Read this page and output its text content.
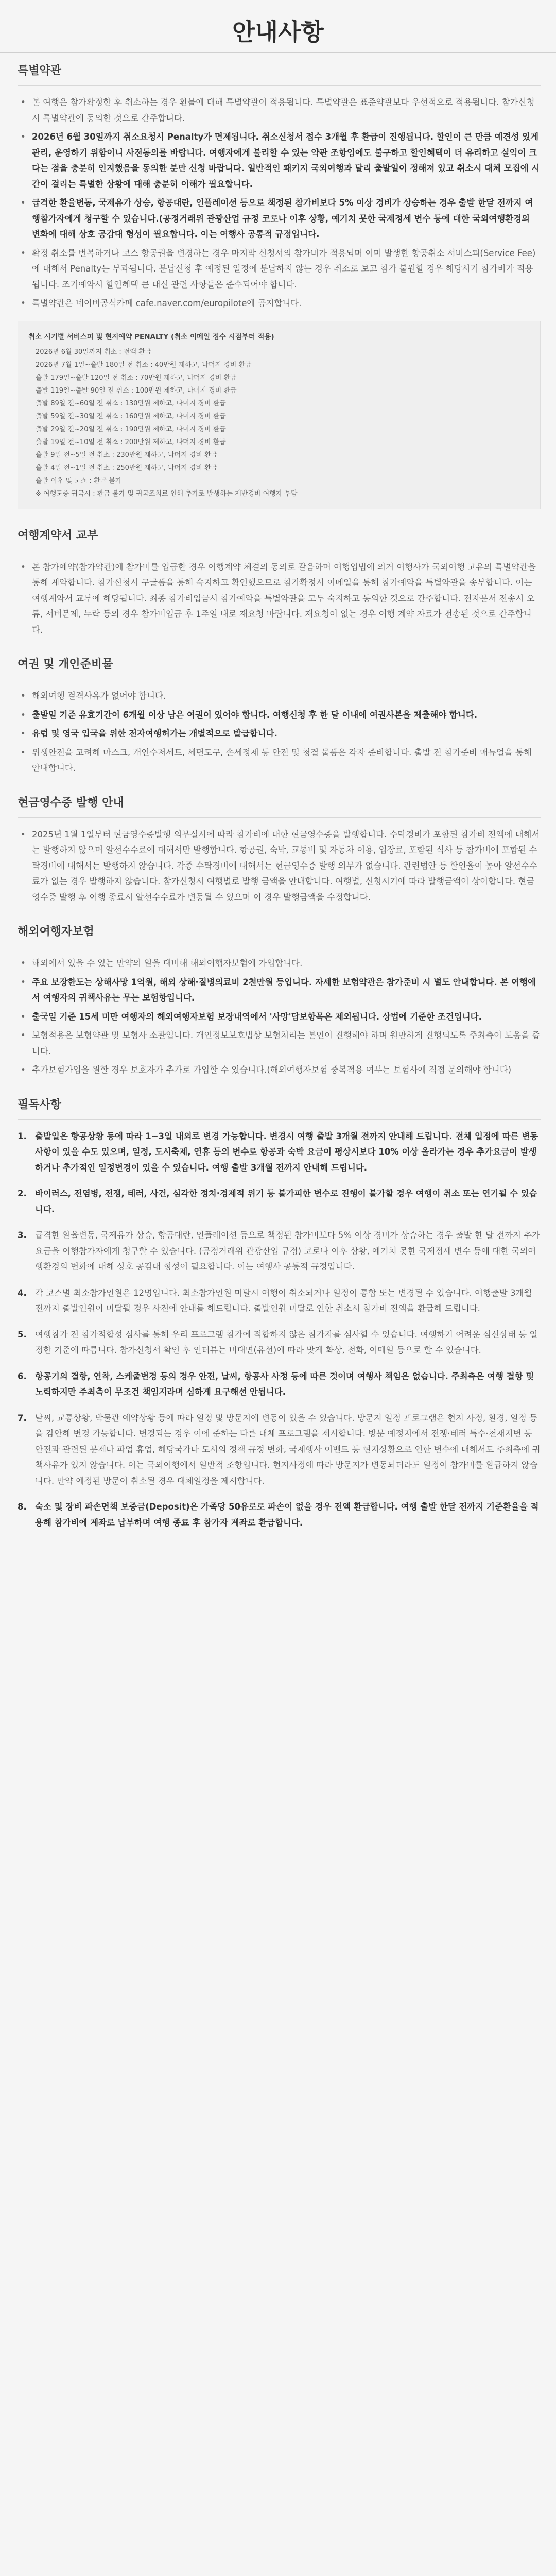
안내사항
특별약관
• 본 여행은 참가확정한 후 취소하는 경우 환불에 대해 특별약관이 적용됩니다. 특별약관은 표준약관보다 우선적으로 적용됩니다. 참가신청시 특별약관에 동의한 것으로 간주합니다.
• 2026년 6월 30일까지 취소요청시 Penalty가 면제됩니다. 취소신청서 접수 3개월 후 환급이 진행됩니다. 할인이 큰 만큼 예견성 있게 관리, 운영하기 위함이니 사전동의를 바랍니다. 여행자에게 불리할 수 있는 약관 조항임에도 불구하고 할인혜택이 더 유리하고 실익이 크다는 점을 충분히 인지했음을 동의한 분만 신청 바랍니다. 일반적인 패키지 국외여행과 달리 출발일이 정해져 있고 취소시 대체 모집에 시간이 걸리는 특별한 상황에 대해 충분히 이해가 필요합니다.
• 급격한 환율변동, 국제유가 상승, 항공대란, 인플레이션 등으로 책정된 참가비보다 5% 이상 경비가 상승하는 경우 출발 한달 전까지 여행참가자에게 청구할 수 있습니다.(공정거래위 관광산업 규정 코로나 이후 상황, 예기치 못한 국제정세 변수 등에 대한 국외여행환경의 변화에 대해 상호 공감대 형성이 필요합니다. 이는 여행사 공통적 규정입니다.
• 확정 취소를 번복하거나 코스 항공권을 변경하는 경우 마지막 신청서의 참가비가 적용되며 이미 발생한 항공취소 서비스피(Service Fee)에 대해서 Penalty는 부과됩니다. 분납신청 후 예정된 일정에 분납하지 않는 경우 취소로 보고 참가 불원할 경우 해당시기 참가비가 적용됩니다. 조기예약시 할인혜택 큰 대신 관련 사항들은 준수되어야 합니다.
• 특별약관은 네이버공식카페 cafe.naver.com/europilote에 공지합니다.
취소 시기별 서비스피 및 현지예약 PENALTY (취소 이메일 접수 시점부터 적용)
2026년 6월 30일까지 취소 : 전액 환급
2026년 7월 1일~출발 180일 전 취소 : 40만원 제하고, 나머지 경비 환급
출발 179일~출발 120일 전 취소 : 70만원 제하고, 나머지 경비 환급
출발 119일~출발 90일 전 취소 : 100만원 제하고, 나머지 경비 환급
출발 89일 전~60일 전 취소 : 130만원 제하고, 나머지 경비 환급
출발 59일 전~30일 전 취소 : 160만원 제하고, 나머지 경비 환급
출발 29일 전~20일 전 취소 : 190만원 제하고, 나머지 경비 환급
출발 19일 전~10일 전 취소 : 200만원 제하고, 나머지 경비 환급
출발 9일 전~5일 전 취소 : 230만원 제하고, 나머지 경비 환급
출발 4일 전~1일 전 취소 : 250만원 제하고, 나머지 경비 환급
출발 이후 및 노쇼 : 환급 불가
※ 여행도중 귀국시 : 환급 불가 및 귀국조치로 인해 추가로 발생하는 제반경비 여행자 부담
여행계약서 교부
• 본 참가예약(참가약관)에 참가비를 입금한 경우 여행계약 체결의 동의로 갈음하며 여행업법에 의거 여행사가 국외여행 고유의 특별약관을 통해 계약합니다. 참가신청시 구글폼을 통해 숙지하고 확인했으므로 참가확정시 이메일을 통해 참가예약을 특별약관을 송부합니다. 이는 여행계약서 교부에 해당됩니다. 최종 참가비입금시 참가예약을 특별약관을 모두 숙지하고 동의한 것으로 간주합니다. 전자문서 전송시 오류, 서버문제, 누락 등의 경우 참가비입금 후 1주일 내로 재요청 바랍니다. 재요청이 없는 경우 여행 계약 자료가 전송된 것으로 간주합니다.
여권 및 개인준비물
• 해외여행 결격사유가 없어야 합니다.
• 출발일 기준 유효기간이 6개월 이상 남은 여권이 있어야 합니다. 여행신청 후 한 달 이내에 여권사본을 제출해야 합니다.
• 유럽 및 영국 입국을 위한 전자여행허가는 개별적으로 발급합니다.
• 위생안전을 고려해 마스크, 개인수저세트, 세면도구, 손세정제 등 안전 및 청결 물품은 각자 준비합니다. 출발 전 참가준비 매뉴얼을 통해 안내합니다.
현금영수증 발행 안내
• 2025년 1월 1일부터 현금영수증발행 의무실시에 따라 참가비에 대한 현금영수증을 발행합니다. 수탁경비가 포함된 참가비 전액에 대해서는 발행하지 않으며 알선수수료에 대해서만 발행합니다. 항공권, 숙박, 교통비 및 자동차 이용, 입장료, 포함된 식사 등 참가비에 포함된 수탁경비에 대해서는 발행하지 않습니다. 각종 수탁경비에 대해서는 현금영수증 발행 의무가 없습니다. 관련법안 등 할인율이 높아 알선수수료가 없는 경우 발행하지 않습니다. 참가신청시 여행별로 발행 금액을 안내합니다. 여행별, 신청시기에 따라 발행금액이 상이합니다. 현금영수증 발행 후 여행 종료시 알선수수료가 변동될 수 있으며 이 경우 발행금액을 수정합니다.
해외여행자보험
• 해외에서 있을 수 있는 만약의 일을 대비해 해외여행자보험에 가입합니다.
• 주요 보장한도는 상해사망 1억원, 해외 상해·질병의료비 2천만원 등입니다. 자세한 보험약관은 참가준비 시 별도 안내합니다. 본 여행에서 여행자의 귀책사유는 무는 보험항입니다.
• 출국일 기준 15세 미만 여행자의 해외여행자보험 보장내역에서 '사망'담보항목은 제외됩니다. 상법에 기준한 조건입니다.
• 보험적용은 보험약관 및 보험사 소관입니다. 개인정보보호법상 보험처리는 본인이 진행해야 하며 원만하게 진행되도록 주최측이 도움을 줍니다.
• 추가보험가입을 원할 경우 보호자가 추가로 가입할 수 있습니다.(해외여행자보험 중복적용 여부는 보험사에 직접 문의해야 합니다)
필독사항
1. 출발일은 항공상황 등에 따라 1~3일 내외로 변경 가능합니다. 변경시 여행 출발 3개월 전까지 안내해 드립니다. 전체 일정에 따른 변동사항이 있을 수도 있으며, 일정, 도시축제, 연휴 등의 변수로 항공과 숙박 요금이 평상시보다 10% 이상 올라가는 경우 추가요금이 발생하거나 추가적인 일정변경이 있을 수 있습니다. 여행 출발 3개월 전까지 안내해 드립니다.
2. 바이러스, 전염병, 전쟁, 테러, 사건, 심각한 정치·경제적 위기 등 불가피한 변수로 진행이 불가할 경우 여행이 취소 또는 연기될 수 있습니다.
3. 급격한 환율변동, 국제유가 상승, 항공대란, 인플레이션 등으로 책정된 참가비보다 5% 이상 경비가 상승하는 경우 출발 한 달 전까지 추가요금을 여행참가자에게 청구할 수 있습니다. (공정거래위 관광산업 규정) 코로나 이후 상황, 예기치 못한 국제정세 변수 등에 대한 국외여행환경의 변화에 대해 상호 공감대 형성이 필요합니다. 이는 여행사 공통적 규정입니다.
4. 각 코스별 최소참가인원은 12명입니다. 최소참가인원 미달시 여행이 취소되거나 일정이 통합 또는 변경될 수 있습니다. 여행출발 3개월 전까지 출발인원이 미달될 경우 사전에 안내를 해드립니다. 출발인원 미달로 인한 취소시 참가비 전액을 환급해 드립니다.
5. 여행참가 전 참가적합성 심사를 통해 우리 프로그램 참가에 적합하지 않은 참가자를 심사할 수 있습니다. 여행하기 어려운 심신상태 등 일정한 기준에 따릅니다. 참가신청서 확인 후 인터뷰는 비대면(유선)에 따라 맞게 화상, 전화, 이메일 등으로 할 수 있습니다.
6. 항공기의 결항, 연착, 스케줄변경 등의 경우 안전, 날씨, 항공사 사정 등에 따른 것이며 여행사 책임은 없습니다. 주최측은 여행 결항 및 노력하지만 주최측이 무조건 책임지라며 심하게 요구해선 안됩니다.
7. 날씨, 교통상황, 박물관 예약상황 등에 따라 일정 및 방문지에 변동이 있을 수 있습니다. 방문지 일정 프로그램은 현지 사정, 환경, 일정 등을 감안해 변경 가능합니다. 변경되는 경우 이에 준하는 다른 대체 프로그램을 제시합니다. 방문 예정지에서 전쟁·테러 특수·천재지변 등 안전과 관련된 문제나 파업 휴업, 해당국가나 도시의 정책 규정 변화, 국제행사 이벤트 등 현지상황으로 인한 변수에 대해서도 주최측에 귀책사유가 있지 않습니다. 이는 국외여행에서 일반적 조항입니다. 현지사정에 따라 방문지가 변동되더라도 일정이 참가비를 환급하지 않습니다. 만약 예정된 방문이 취소될 경우 대체일정을 제시합니다.
8. 숙소 및 장비 파손면책 보증금(Deposit)은 가족당 50유로로 파손이 없을 경우 전액 환급합니다. 여행 출발 한달 전까지 기준환율을 적용해 참가비에 계좌로 납부하며 여행 종료 후 참가자 계좌로 환급합니다.
